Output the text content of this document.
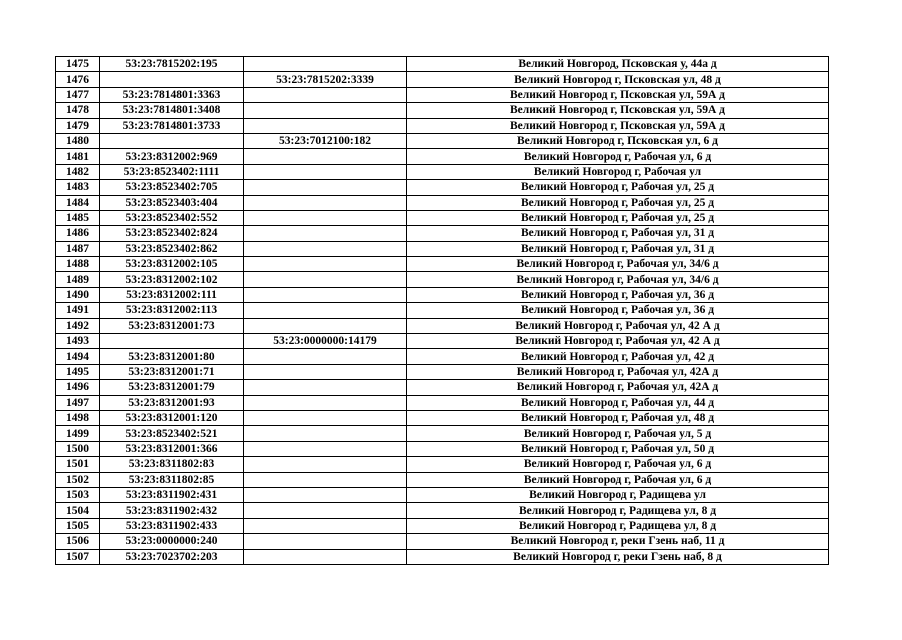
1475	53:23:7815202:195		Великий Новгород, Псковская у, 44а д
1476		53:23:7815202:3339	Великий Новгород г, Псковская ул, 48 д
1477	53:23:7814801:3363		Великий Новгород г, Псковская ул, 59А д
1478	53:23:7814801:3408		Великий Новгород г, Псковская ул, 59А д
1479	53:23:7814801:3733		Великий Новгород г, Псковская ул, 59А д
1480		53:23:7012100:182	Великий Новгород г, Псковская ул, 6 д
1481	53:23:8312002:969		Великий Новгород г, Рабочая ул, 6 д
1482	53:23:8523402:1111		Великий Новгород г, Рабочая ул
1483	53:23:8523402:705		Великий Новгород г, Рабочая ул, 25 д
1484	53:23:8523403:404		Великий Новгород г, Рабочая ул, 25 д
1485	53:23:8523402:552		Великий Новгород г, Рабочая ул, 25 д
1486	53:23:8523402:824		Великий Новгород г, Рабочая ул, 31 д
1487	53:23:8523402:862		Великий Новгород г, Рабочая ул, 31 д
1488	53:23:8312002:105		Великий Новгород г, Рабочая ул, 34/6 д
1489	53:23:8312002:102		Великий Новгород г, Рабочая ул, 34/6 д
1490	53:23:8312002:111		Великий Новгород г, Рабочая ул, 36 д
1491	53:23:8312002:113		Великий Новгород г, Рабочая ул, 36 д
1492	53:23:8312001:73		Великий Новгород г, Рабочая ул, 42 А д
1493		53:23:0000000:14179	Великий Новгород г, Рабочая ул, 42 А д
1494	53:23:8312001:80		Великий Новгород г, Рабочая ул, 42 д
1495	53:23:8312001:71		Великий Новгород г, Рабочая ул, 42А д
1496	53:23:8312001:79		Великий Новгород г, Рабочая ул, 42А д
1497	53:23:8312001:93		Великий Новгород г, Рабочая ул, 44 д
1498	53:23:8312001:120		Великий Новгород г, Рабочая ул, 48 д
1499	53:23:8523402:521		Великий Новгород г, Рабочая ул, 5 д
1500	53:23:8312001:366		Великий Новгород г, Рабочая ул, 50 д
1501	53:23:8311802:83		Великий Новгород г, Рабочая ул, 6 д
1502	53:23:8311802:85		Великий Новгород г, Рабочая ул, 6 д
1503	53:23:8311902:431		Великий Новгород г, Радищева ул
1504	53:23:8311902:432		Великий Новгород г, Радищева ул, 8 д
1505	53:23:8311902:433		Великий Новгород г, Радищева ул, 8 д
1506	53:23:0000000:240		Великий Новгород г, реки Гзень наб, 11 д
1507	53:23:7023702:203		Великий Новгород г, реки Гзень наб, 8 д
